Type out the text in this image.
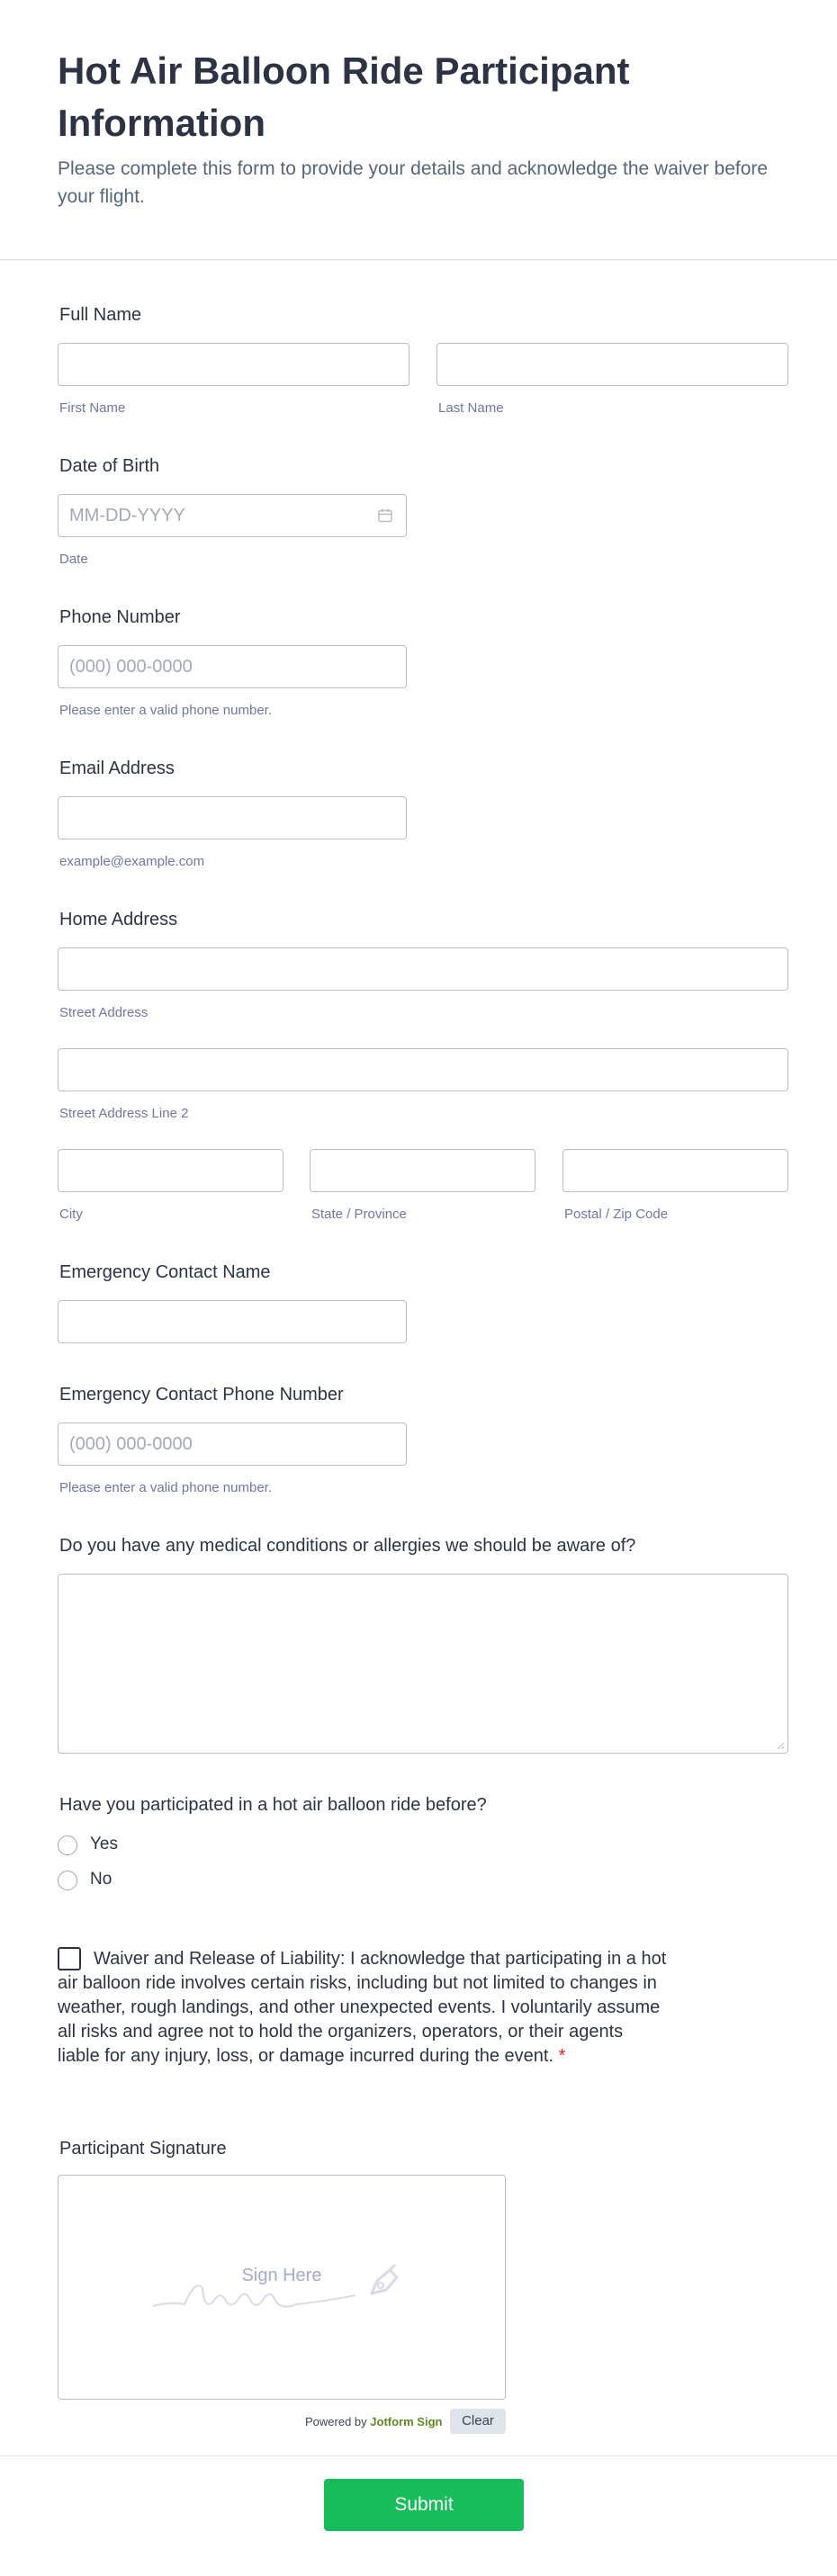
Hot Air Balloon Ride Participant Information

Please complete this form to provide your details and acknowledge the waiver before your flight.

Full Name
First Name	Last Name
Date of Birth
MM-DD-YYYY
Date
Phone Number
(000) 000-0000
Please enter a valid phone number.
Email Address
example@example.com
Home Address
Street Address
Street Address Line 2
City	State / Province	Postal / Zip Code
Emergency Contact Name
Emergency Contact Phone Number
(000) 000-0000
Please enter a valid phone number.
Do you have any medical conditions or allergies we should be aware of?
Have you participated in a hot air balloon ride before?
Yes
No
Waiver and Release of Liability: I acknowledge that participating in a hot
air balloon ride involves certain risks, including but not limited to changes in
weather, rough landings, and other unexpected events. I voluntarily assume
all risks and agree not to hold the organizers, operators, or their agents
liable for any injury, loss, or damage incurred during the event. *
Participant Signature
Sign Here
Powered by Jotform Sign	Clear
Submit
